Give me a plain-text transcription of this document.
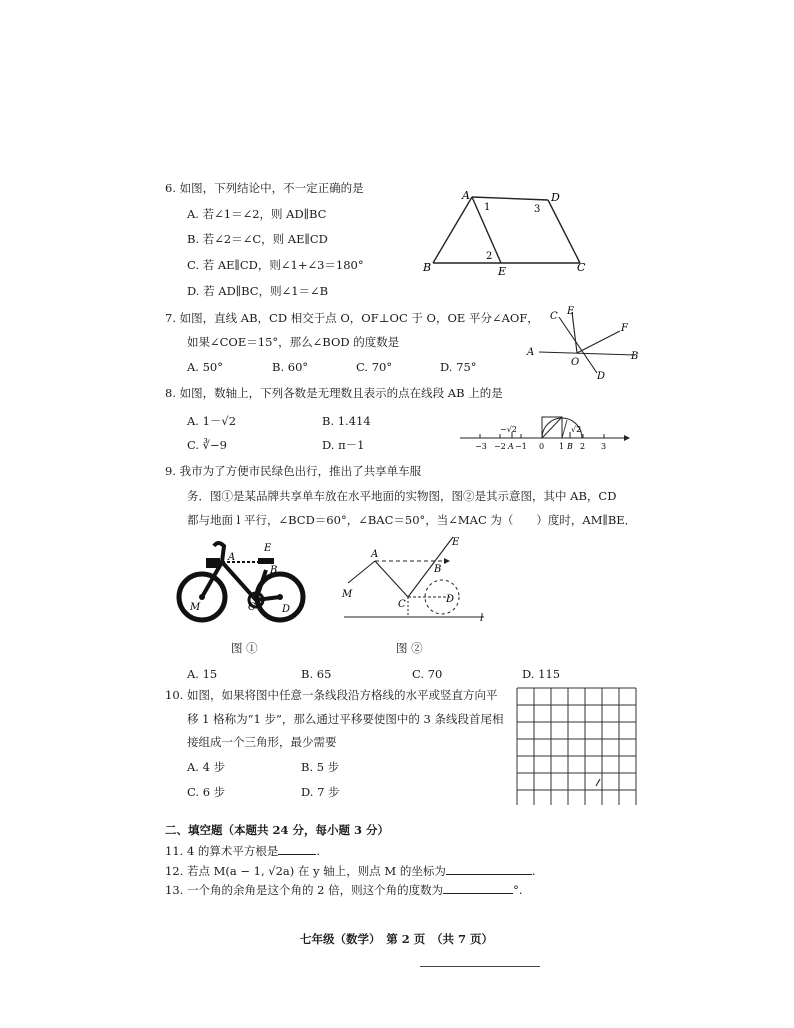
6. 如图，下列结论中，不一定正确的是
A. 若∠1＝∠2，则 AD∥BC
B. 若∠2＝∠C，则 AE∥CD
C. 若 AE∥CD，则∠1+∠3＝180°
D. 若 AD∥BC，则∠1＝∠B
A	D
B	E	C
1
2
3
7. 如图，直线 AB，CD 相交于点 O，OF⊥OC 于 O，OE 平分∠AOF，
如果∠COE＝15°，那么∠BOD 的度数是
A. 50°	B. 60°	C. 70°	D. 75°
C E
F
A
O
B
D
8. 如图，数轴上，下列各数是无理数且表示的点在线段 AB 上的是
A. 1－√2	B. 1.414
C. ∛−9	D. π－1	−3 −2 −1 0 1 2 3
−√2	√2
A	B
9. 我市为了方便市民绿色出行，推出了共享单车服
务．图①是某品牌共享单车放在水平地面的实物图，图②是其示意图，其中 AB，CD
都与地面 l 平行，∠BCD＝60°，∠BAC＝50°，当∠MAC 为（　　）度时，AM∥BE．
A
E
B
M	C	D
A
E
B
M
C	D
l
图 ①	图 ②
A. 15	B. 65	C. 70	D. 115
10. 如图，如果将图中任意一条线段沿方格线的水平或竖直方向平
移 1 格称为“1 步”，那么通过平移要使图中的 3 条线段首尾相
接组成一个三角形，最少需要
A. 4 步	B. 5 步
C. 6 步	D. 7 步
二、填空题（本题共 24 分，每小题 3 分）
11. 4 的算术平方根是	.
12. 若点 M(a − 1, √2a) 在 y 轴上，则点 M 的坐标为	.
13. 一个角的余角是这个角的 2 倍，则这个角的度数为	°.
七年级（数学）　第 2 页　（共 7 页）
